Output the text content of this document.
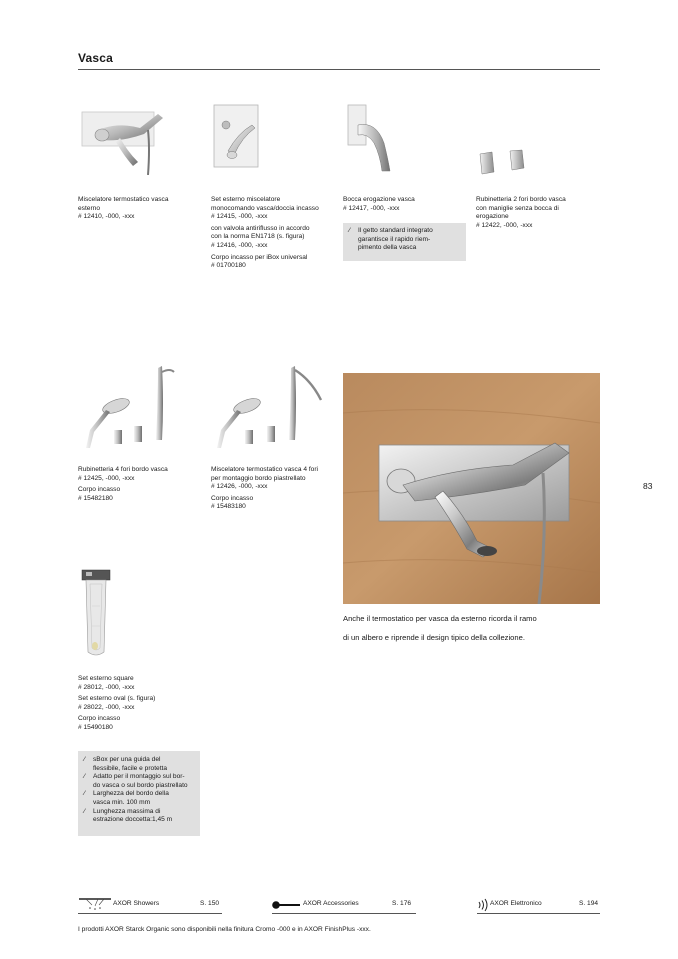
Vasca
Miscelatore termostatico vasca
esterno
# 12410, -000, -xxx

Set esterno miscelatore
monocomando vasca/doccia incasso
# 12415, -000, -xxx

con valvola antiriflusso in accordo
con la norma EN1718 (s. figura)
# 12416, -000, -xxx

Corpo incasso per iBox universal
# 01700180

Bocca erogazione vasca
# 12417, -000, -xxx
⁄ Il getto standard integrato
garantisce il rapido riem-
pimento della vasca
Rubinetteria 2 fori bordo vasca
con maniglie senza bocca di
erogazione
# 12422, -000, -xxx

Rubinetteria 4 fori bordo vasca
# 12425, -000, -xxx

Corpo incasso
# 15482180

Miscelatore termostatico vasca 4 fori
per montaggio bordo piastrellato
# 12426, -000, -xxx

Corpo incasso
# 15483180

83
Anche il termostatico per vasca da esterno ricorda il ramo
di un albero e riprende il design tipico della collezione.

Set esterno square
# 28012, -000, -xxx

Set esterno oval (s. figura)
# 28022, -000, -xxx

Corpo incasso
# 15490180

⁄ sBox per una guida del
flessibile, facile e protetta
⁄ Adatto per il montaggio sul bor-
do vasca o sul bordo piastrellato
⁄ Larghezza del bordo della
vasca min. 100 mm
⁄ Lunghezza massima di
estrazione doccetta:1,45 m
AXOR Showers	S. 150	AXOR Accessories	S. 176	AXOR Elettronico	S. 194
I prodotti AXOR Starck Organic sono disponibili nella finitura Cromo -000 e in AXOR FinishPlus -xxx.
